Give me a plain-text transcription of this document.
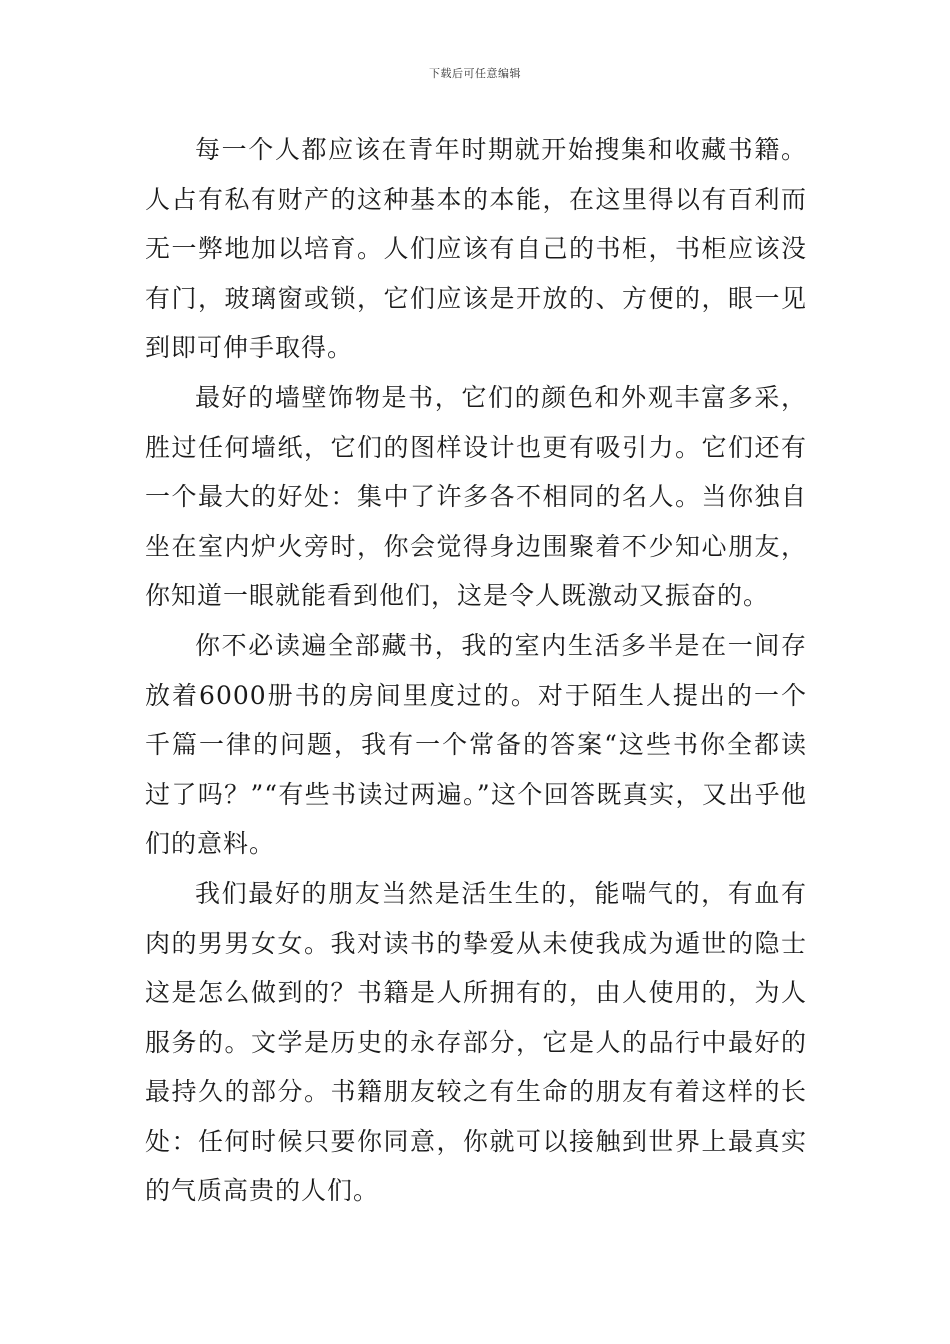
下载后可任意编辑

每一个人都应该在青年时期就开始搜集和收藏书籍。人占有私有财产的这种基本的本能，在这里得以有百利而无一弊地加以培育。人们应该有自己的书柜，书柜应该没有门，玻璃窗或锁，它们应该是开放的、方便的，眼一见到即可伸手取得。

最好的墙壁饰物是书，它们的颜色和外观丰富多采，胜过任何墙纸，它们的图样设计也更有吸引力。它们还有一个最大的好处：集中了许多各不相同的名人。当你独自坐在室内炉火旁时，你会觉得身边围聚着不少知心朋友，你知道一眼就能看到他们，这是令人既激动又振奋的。

你不必读遍全部藏书，我的室内生活多半是在一间存放着6000册书的房间里度过的。对于陌生人提出的一个千篇一律的问题，我有一个常备的答案“这些书你全都读过了吗？”“有些书读过两遍。”这个回答既真实，又出乎他们的意料。

我们最好的朋友当然是活生生的，能喘气的，有血有肉的男男女女。我对读书的挚爱从未使我成为遁世的隐士这是怎么做到的？书籍是人所拥有的，由人使用的，为人服务的。文学是历史的永存部分，它是人的品行中最好的最持久的部分。书籍朋友较之有生命的朋友有着这样的长处：任何时候只要你同意，你就可以接触到世界上最真实的气质高贵的人们。
